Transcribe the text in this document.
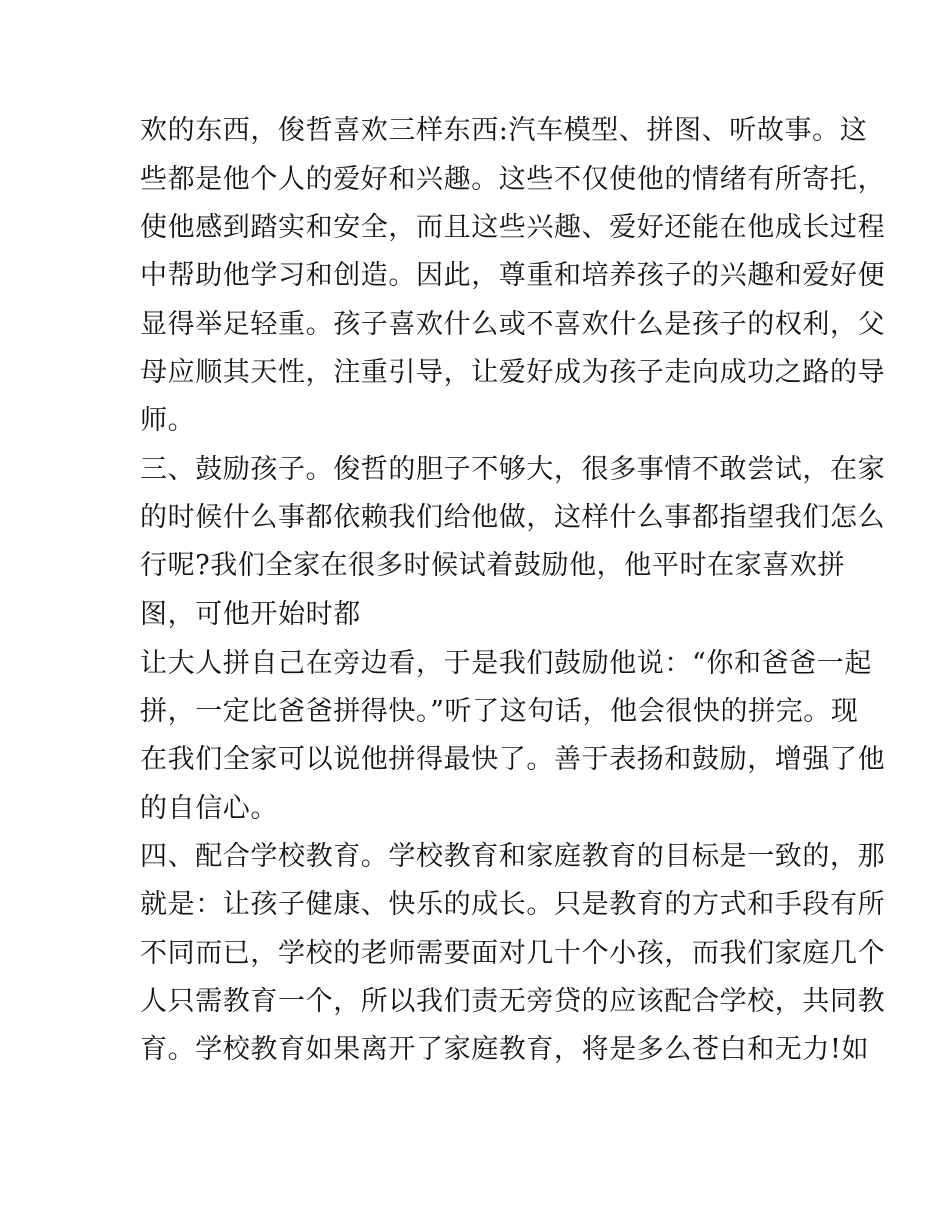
欢的东西，俊哲喜欢三样东西:汽车模型、拼图、听故事。这
些都是他个人的爱好和兴趣。这些不仅使他的情绪有所寄托，
使他感到踏实和安全，而且这些兴趣、爱好还能在他成长过程
中帮助他学习和创造。因此，尊重和培养孩子的兴趣和爱好便
显得举足轻重。孩子喜欢什么或不喜欢什么是孩子的权利，父
母应顺其天性，注重引导，让爱好成为孩子走向成功之路的导
师。
三、鼓励孩子。俊哲的胆子不够大，很多事情不敢尝试，在家
的时候什么事都依赖我们给他做，这样什么事都指望我们怎么
行呢?我们全家在很多时候试着鼓励他，他平时在家喜欢拼
图，可他开始时都
让大人拼自己在旁边看，于是我们鼓励他说：“你和爸爸一起
拼，一定比爸爸拼得快。”听了这句话，他会很快的拼完。现
在我们全家可以说他拼得最快了。善于表扬和鼓励，增强了他
的自信心。
四、配合学校教育。学校教育和家庭教育的目标是一致的，那
就是：让孩子健康、快乐的成长。只是教育的方式和手段有所
不同而已，学校的老师需要面对几十个小孩，而我们家庭几个
人只需教育一个，所以我们责无旁贷的应该配合学校，共同教
育。学校教育如果离开了家庭教育，将是多么苍白和无力!如
